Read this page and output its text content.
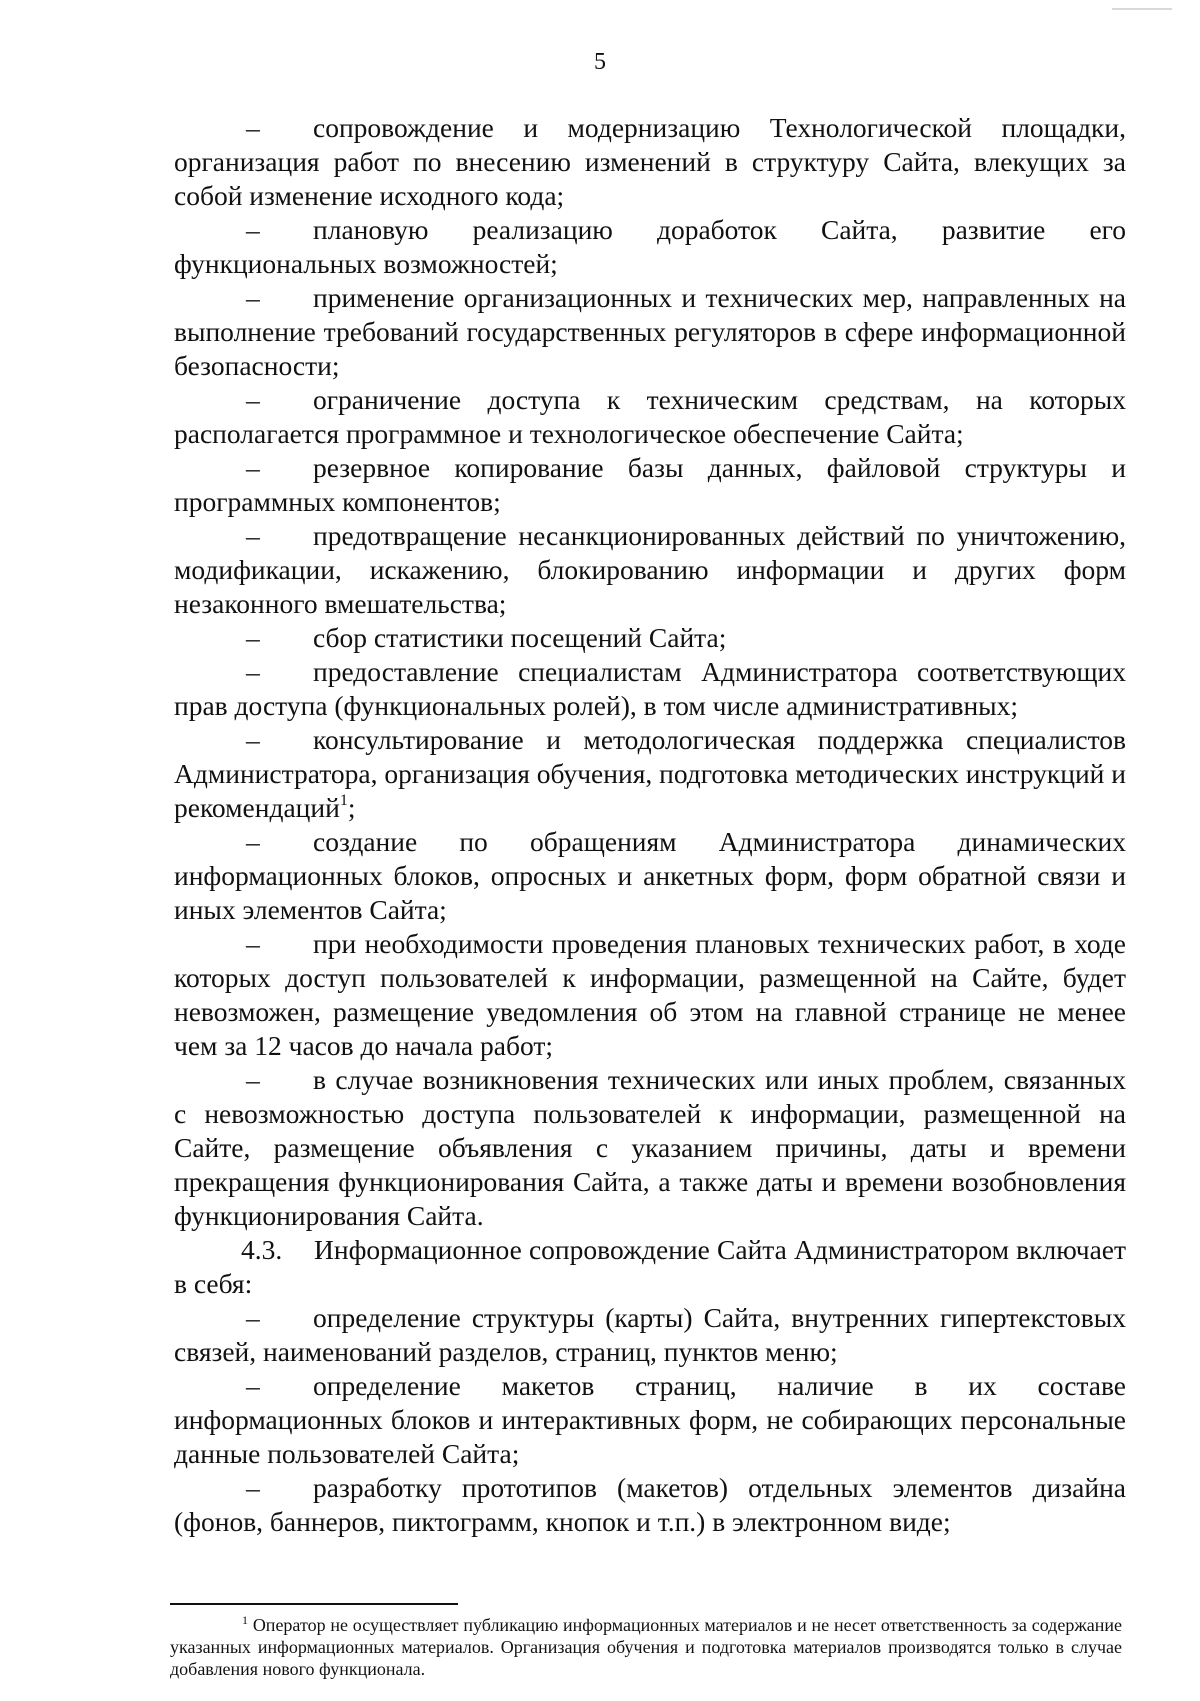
5

– сопровождение и модернизацию Технологической площадки, организация работ по внесению изменений в структуру Сайта, влекущих за собой изменение исходного кода;

– плановую реализацию доработок Сайта, развитие его функциональных возможностей;

– применение организационных и технических мер, направленных на выполнение требований государственных регуляторов в сфере информационной безопасности;

– ограничение доступа к техническим средствам, на которых располагается программное и технологическое обеспечение Сайта;

– резервное копирование базы данных, файловой структуры и программных компонентов;

– предотвращение несанкционированных действий по уничтожению, модификации, искажению, блокированию информации и других форм незаконного вмешательства;

– сбор статистики посещений Сайта;

– предоставление специалистам Администратора соответствующих прав доступа (функциональных ролей), в том числе административных;

– консультирование и методологическая поддержка специалистов Администратора, организация обучения, подготовка методических инструкций и рекомендаций$^1$;

– создание по обращениям Администратора динамических информационных блоков, опросных и анкетных форм, форм обратной связи и иных элементов Сайта;

– при необходимости проведения плановых технических работ, в ходе которых доступ пользователей к информации, размещенной на Сайте, будет невозможен, размещение уведомления об этом на главной странице не менее чем за 12 часов до начала работ;

– в случае возникновения технических или иных проблем, связанных с невозможностью доступа пользователей к информации, размещенной на Сайте, размещение объявления с указанием причины, даты и времени прекращения функционирования Сайта, а также даты и времени возобновления функционирования Сайта.

4.3. Информационное сопровождение Сайта Администратором включает в себя:

– определение структуры (карты) Сайта, внутренних гипертекстовых связей, наименований разделов, страниц, пунктов меню;

– определение макетов страниц, наличие в их составе информационных блоков и интерактивных форм, не собирающих персональные данные пользователей Сайта;

– разработку прототипов (макетов) отдельных элементов дизайна (фонов, баннеров, пиктограмм, кнопок и т.п.) в электронном виде;

$^1$ Оператор не осуществляет публикацию информационных материалов и не несет ответственность за содержание указанных информационных материалов. Организация обучения и подготовка материалов производятся только в случае добавления нового функционала.
